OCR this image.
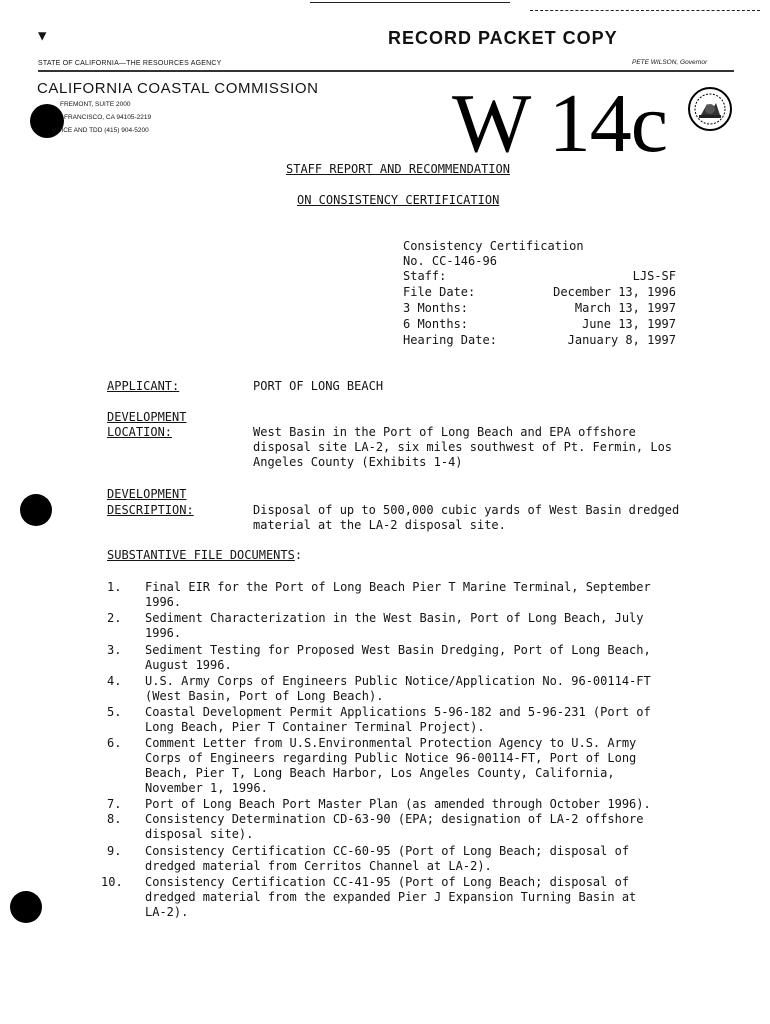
▼	RECORD PACKET COPY
STATE OF CALIFORNIA—THE RESOURCES AGENCY	PETE WILSON, Governor
CALIFORNIA COASTAL COMMISSION
FREMONT, SUITE 2000
FRANCISCO, CA 94105-2219
VOICE AND TDD (415) 904-5200	W 14c
STAFF REPORT AND RECOMMENDATION
ON CONSISTENCY CERTIFICATION
Consistency Certification
No. CC-146-96
Staff:	LJS-SF
File Date:	December 13, 1996
3 Months:	March 13, 1997
6 Months:	June 13, 1997
Hearing Date:	January 8, 1997
APPLICANT:	PORT OF LONG BEACH
DEVELOPMENT
LOCATION:	West Basin in the Port of Long Beach and EPA offshore
disposal site LA-2, six miles southwest of Pt. Fermin, Los
Angeles County (Exhibits 1-4)
DEVELOPMENT
DESCRIPTION:	Disposal of up to 500,000 cubic yards of West Basin dredged
material at the LA-2 disposal site.
SUBSTANTIVE FILE DOCUMENTS:
1. Final EIR for the Port of Long Beach Pier T Marine Terminal, September
1996.
2. Sediment Characterization in the West Basin, Port of Long Beach, July
1996.
3. Sediment Testing for Proposed West Basin Dredging, Port of Long Beach,
August 1996.
4. U.S. Army Corps of Engineers Public Notice/Application No. 96-00114-FT
(West Basin, Port of Long Beach).
5. Coastal Development Permit Applications 5-96-182 and 5-96-231 (Port of
Long Beach, Pier T Container Terminal Project).
6. Comment Letter from U.S.Environmental Protection Agency to U.S. Army
Corps of Engineers regarding Public Notice 96-00114-FT, Port of Long
Beach, Pier T, Long Beach Harbor, Los Angeles County, California,
November 1, 1996.
7. Port of Long Beach Port Master Plan (as amended through October 1996).
8. Consistency Determination CD-63-90 (EPA; designation of LA-2 offshore
disposal site).
9. Consistency Certification CC-60-95 (Port of Long Beach; disposal of
dredged material from Cerritos Channel at LA-2).
10. Consistency Certification CC-41-95 (Port of Long Beach; disposal of
dredged material from the expanded Pier J Expansion Turning Basin at
LA-2).
